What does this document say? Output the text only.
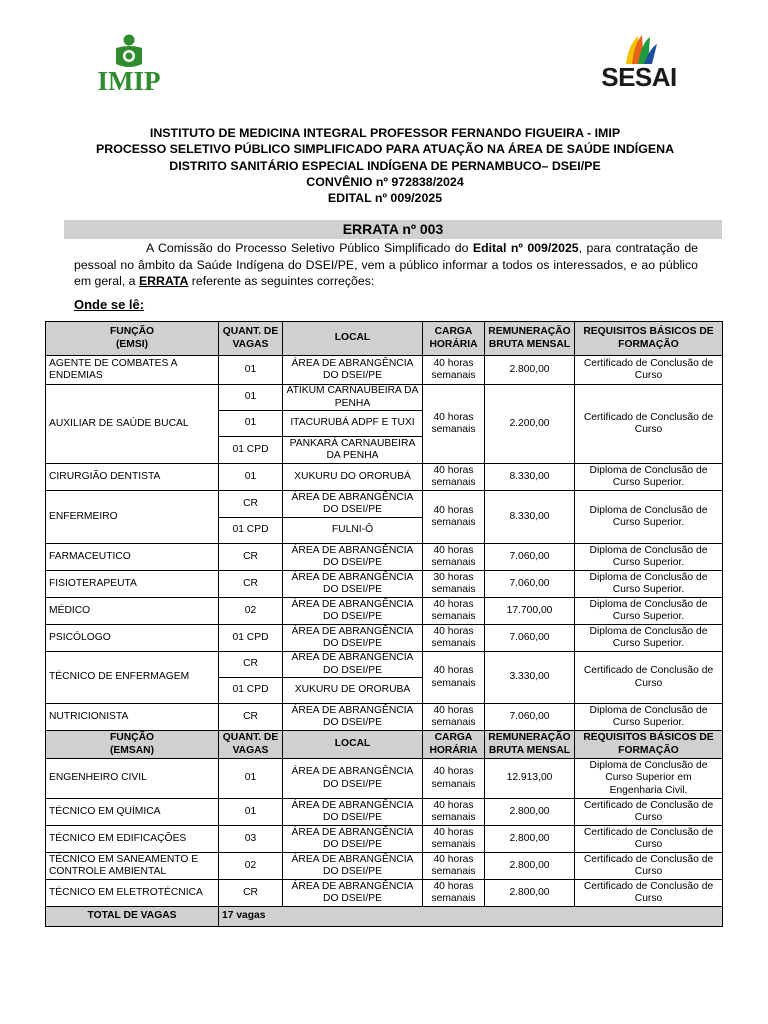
IMIP	SESAI
INSTITUTO DE MEDICINA INTEGRAL PROFESSOR FERNANDO FIGUEIRA - IMIP
PROCESSO SELETIVO PÚBLICO SIMPLIFICADO PARA ATUAÇÃO NA ÁREA DE SAÚDE INDÍGENA
DISTRITO SANITÁRIO ESPECIAL INDÍGENA DE PERNAMBUCO– DSEI/PE
CONVÊNIO nº 972838/2024
EDITAL nº 009/2025
ERRATA nº 003
A Comissão do Processo Seletivo Público Simplificado do Edital nº 009/2025, para contratação de pessoal no âmbito da Saúde Indígena do DSEI/PE, vem a público informar a todos os interessados, e ao público em geral, a ERRATA referente as seguintes correções:
Onde se lê:
FUNÇÃO
(EMSI)	QUANT. DE VAGAS	LOCAL	CARGA HORÁRIA	REMUNERAÇÃO BRUTA MENSAL	REQUISITOS BÁSICOS DE FORMAÇÃO
AGENTE DE COMBATES A ENDEMIAS	01	ÁREA DE ABRANGÊNCIA DO DSEI/PE	40 horas semanais	2.800,00	Certificado de Conclusão de Curso
AUXILIAR DE SAÚDE BUCAL	01	ATIKUM CARNAUBEIRA DA PENHA	40 horas semanais	2.200,00	Certificado de Conclusão de Curso
	01	ITACURUBÁ ADPF E TUXI			
	01 CPD	PANKARÁ CARNAUBEIRA DA PENHA			
CIRURGIÃO DENTISTA	01	XUKURU DO ORORUBÁ	40 horas semanais	8.330,00	Diploma de Conclusão de Curso Superior.
ENFERMEIRO	CR	ÁREA DE ABRANGÊNCIA DO DSEI/PE	40 horas semanais	8.330,00	Diploma de Conclusão de Curso Superior.
	01 CPD	FULNI-Ô			
FARMACEUTICO	CR	ÁREA DE ABRANGÊNCIA DO DSEI/PE	40 horas semanais	7.060,00	Diploma de Conclusão de Curso Superior.
FISIOTERAPEUTA	CR	ÁREA DE ABRANGÊNCIA DO DSEI/PE	30 horas semanais	7.060,00	Diploma de Conclusão de Curso Superior.
MÉDICO	02	ÁREA DE ABRANGÊNCIA DO DSEI/PE	40 horas semanais	17.700,00	Diploma de Conclusão de Curso Superior.
PSICÓLOGO	01 CPD	ÁREA DE ABRANGÊNCIA DO DSEI/PE	40 horas semanais	7.060,00	Diploma de Conclusão de Curso Superior.
TÉCNICO DE ENFERMAGEM	CR	ÁREA DE ABRANGÊNCIA DO DSEI/PE	40 horas semanais	3.330,00	Certificado de Conclusão de Curso
	01 CPD	XUKURU DE ORORUBA			
NUTRICIONISTA	CR	ÁREA DE ABRANGÊNCIA DO DSEI/PE	40 horas semanais	7.060,00	Diploma de Conclusão de Curso Superior.
FUNÇÃO
(EMSAN)	QUANT. DE VAGAS	LOCAL	CARGA HORÁRIA	REMUNERAÇÃO BRUTA MENSAL	REQUISITOS BÁSICOS DE FORMAÇÃO
ENGENHEIRO CIVIL	01	ÁREA DE ABRANGÊNCIA DO DSEI/PE	40 horas semanais	12.913,00	Diploma de Conclusão de Curso Superior em Engenharia Civil.
TÉCNICO EM QUÍMICA	01	ÁREA DE ABRANGÊNCIA DO DSEI/PE	40 horas semanais	2.800,00	Certificado de Conclusão de Curso
TÉCNICO EM EDIFICAÇÕES	03	ÁREA DE ABRANGÊNCIA DO DSEI/PE	40 horas semanais	2.800,00	Certificado de Conclusão de Curso
TÉCNICO EM SANEAMENTO E CONTROLE AMBIENTAL	02	ÁREA DE ABRANGÊNCIA DO DSEI/PE	40 horas semanais	2.800,00	Certificado de Conclusão de Curso
TÉCNICO EM ELETROTÉCNICA	CR	ÁREA DE ABRANGÊNCIA DO DSEI/PE	40 horas semanais	2.800,00	Certificado de Conclusão de Curso
TOTAL DE VAGAS	17 vagas				
